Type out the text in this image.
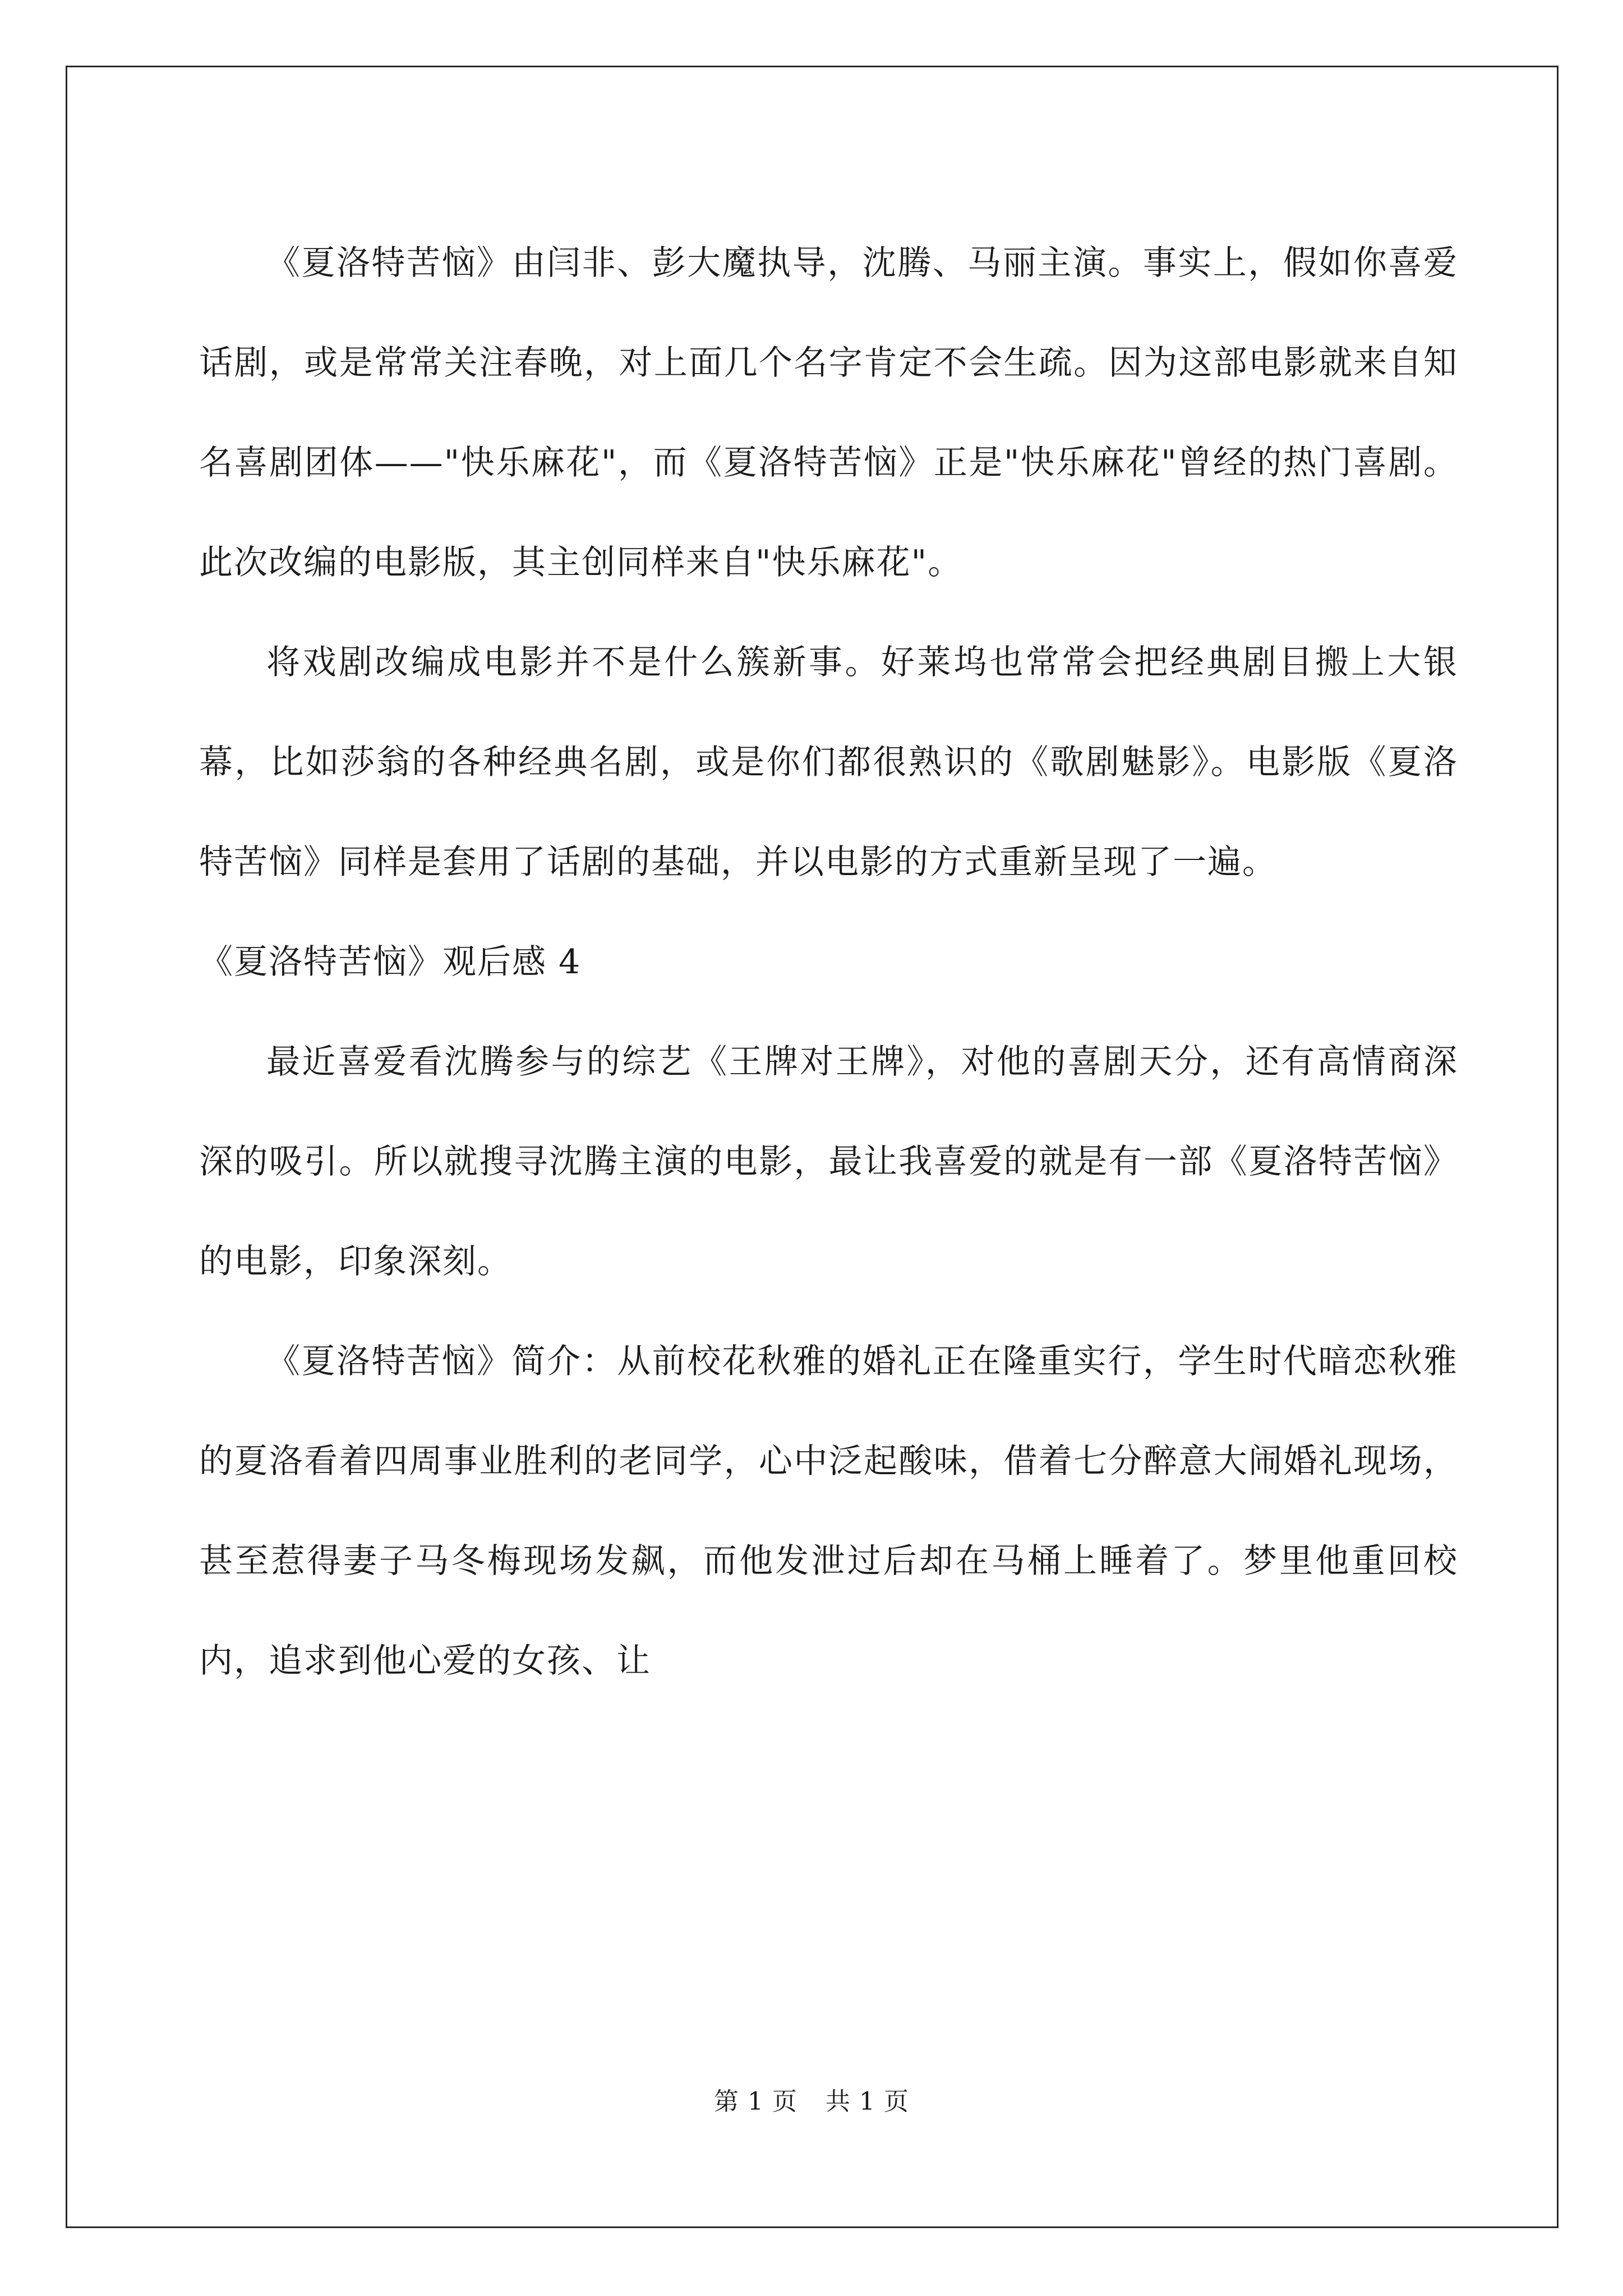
《夏洛特苦恼》由闫非、彭大魔执导，沈腾、马丽主演。事实上，假如你喜爱话剧，或是常常关注春晚，对上面几个名字肯定不会生疏。因为这部电影就来自知名喜剧团体——"快乐麻花"，而《夏洛特苦恼》正是"快乐麻花"曾经的热门喜剧。此次改编的电影版，其主创同样来自"快乐麻花"。

将戏剧改编成电影并不是什么簇新事。好莱坞也常常会把经典剧目搬上大银幕，比如莎翁的各种经典名剧，或是你们都很熟识的《歌剧魅影》。电影版《夏洛特苦恼》同样是套用了话剧的基础，并以电影的方式重新呈现了一遍。

《夏洛特苦恼》观后感 4

最近喜爱看沈腾参与的综艺《王牌对王牌》，对他的喜剧天分，还有高情商深深的吸引。所以就搜寻沈腾主演的电影，最让我喜爱的就是有一部《夏洛特苦恼》的电影，印象深刻。

《夏洛特苦恼》简介：从前校花秋雅的婚礼正在隆重实行，学生时代暗恋秋雅的夏洛看着四周事业胜利的老同学，心中泛起酸味，借着七分醉意大闹婚礼现场，甚至惹得妻子马冬梅现场发飙，而他发泄过后却在马桶上睡着了。梦里他重回校内，追求到他心爱的女孩、让

第 1 页 共 1 页
